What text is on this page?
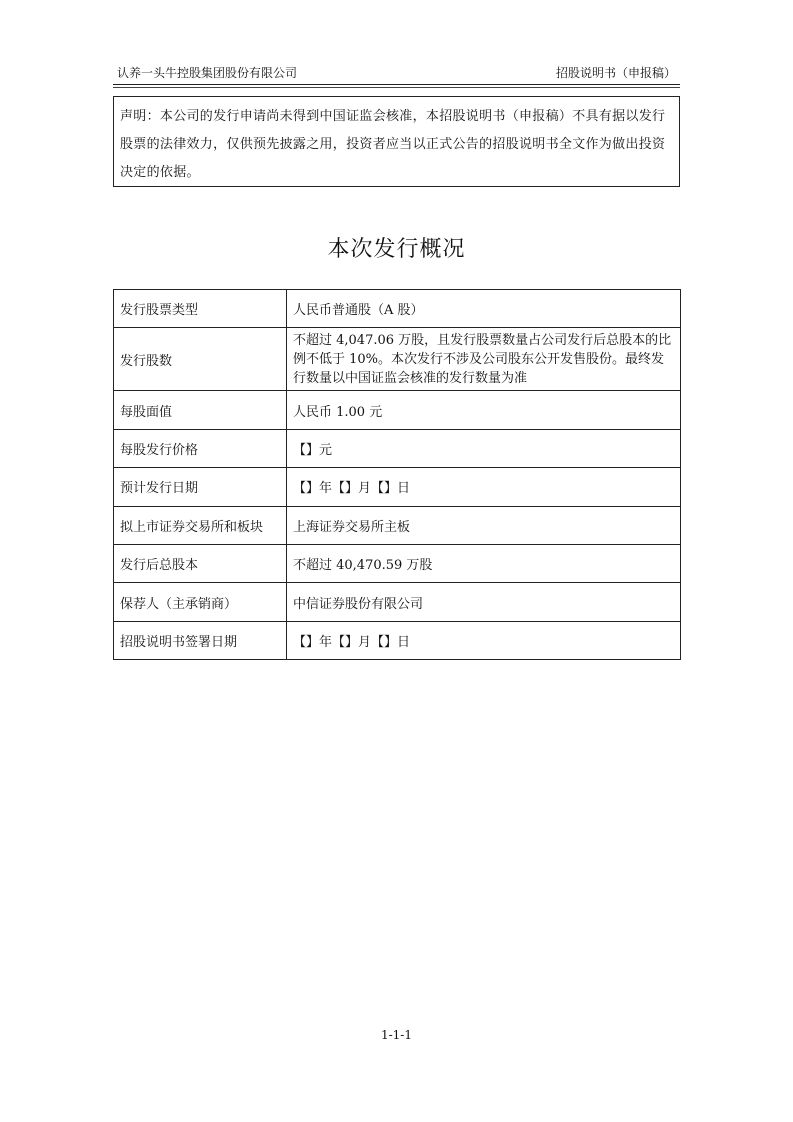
认养一头牛控股集团股份有限公司	招股说明书（申报稿）
声明：本公司的发行申请尚未得到中国证监会核准，本招股说明书（申报稿）不具有据以发行股票的法律效力，仅供预先披露之用，投资者应当以正式公告的招股说明书全文作为做出投资决定的依据。
本次发行概况
发行股票类型	人民币普通股（A 股）
发行股数	不超过 4,047.06 万股，且发行股票数量占公司发行后总股本的比例不低于 10%。本次发行不涉及公司股东公开发售股份。最终发行数量以中国证监会核准的发行数量为准
每股面值	人民币 1.00 元
每股发行价格	【】元
预计发行日期	【】年【】月【】日
拟上市证券交易所和板块	上海证券交易所主板
发行后总股本	不超过 40,470.59 万股
保荐人（主承销商）	中信证券股份有限公司
招股说明书签署日期	【】年【】月【】日
1-1-1
